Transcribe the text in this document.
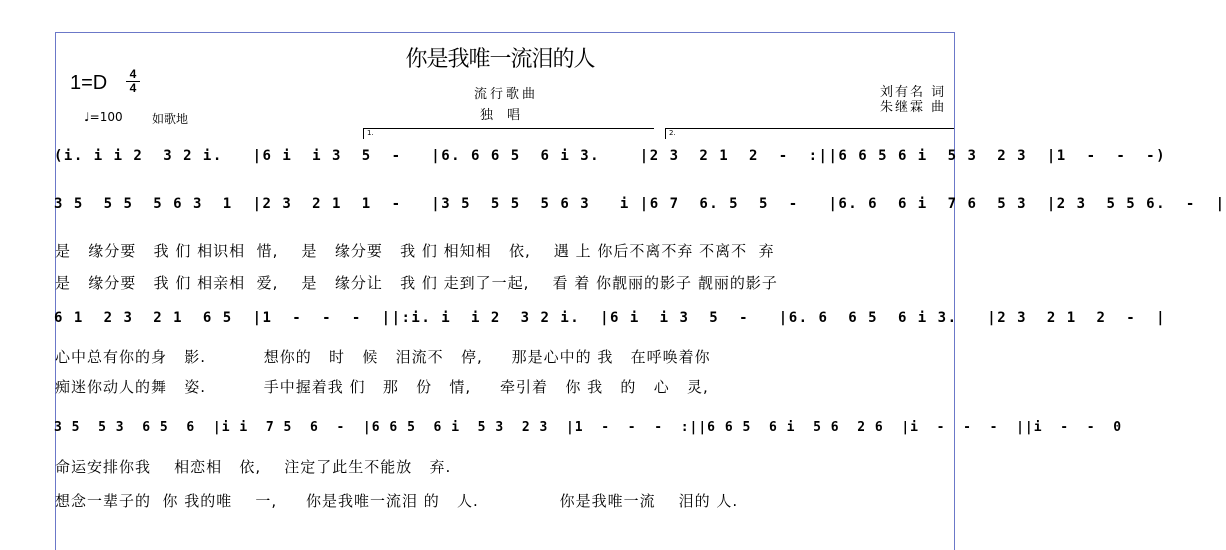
你是我唯一流泪的人
1=D	4
4	流行歌曲
独唱
刘有名 词
朱继霖 曲
♩=100 如歌地
1.	2.
(i. i i 2  3 2 i.   |6 i  i 3  5  -   |6. 6 6 5  6 i 3.    |2 3  2 1  2  -  :||6 6 5 6 i  5 3  2 3  |1  -  -  -)
3 5  5 5  5 6 3  1  |2 3  2 1  1  -   |3 5  5 5  5 6 3   i |6 7  6. 5  5  -   |6. 6  6 i  7 6  5 3  |2 3  5 5 6.  -  |
6 1  2 3  2 1  6 5  |1  -  -  -  ||:i. i  i 2  3 2 i.  |6 i  i 3  5  -   |6. 6  6 5  6 i 3.   |2 3  2 1  2  -  |
3 5  5 3  6 5  6  |i i  7 5  6  -  |6 6 5  6 i  5 3  2 3  |1  -  -  -  :||6 6 5  6 i  5 6  2 6  |i  -  -  -  ||i  -  -  0
是   缘分要   我 们 相识相  惜,    是   缘分要   我 们 相知相   依,    遇 上 你后不离不弃 不离不  弃
是   缘分要   我 们 相亲相  爱,    是   缘分让   我 们 走到了一起,    看 着 你靓丽的影子 靓丽的影子
心中总有你的身   影.          想你的   时   候   泪流不   停,     那是心中的 我   在呼唤着你
痴迷你动人的舞   姿.          手中握着我 们   那   份   情,     牵引着   你 我   的   心   灵,
命运安排你我    相恋相   依,    注定了此生不能放   弃.
想念一辈子的  你 我的唯    一,     你是我唯一流泪 的   人.              你是我唯一流    泪的 人.
